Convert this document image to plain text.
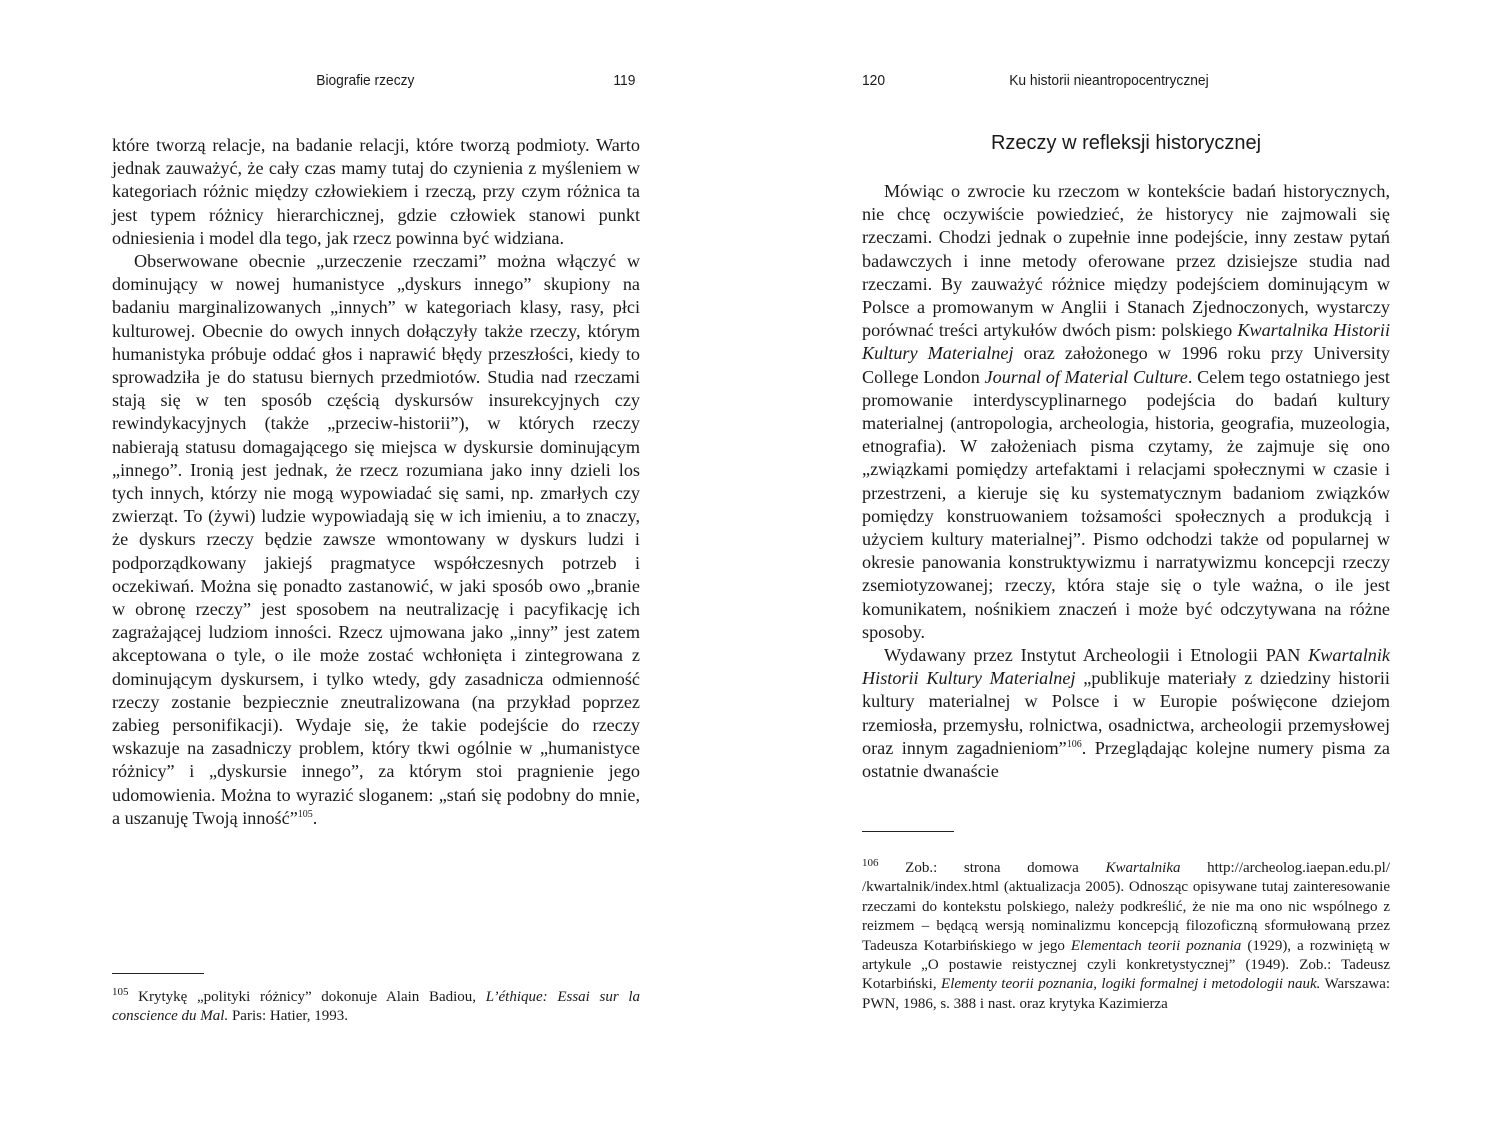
Biografie rzeczy	119

które tworzą relacje, na badanie relacji, które tworzą podmioty. Warto jednak zauważyć, że cały czas mamy tutaj do czynienia z myśleniem w kategoriach różnic między człowiekiem i rzeczą, przy czym różnica ta jest typem różnicy hierarchicznej, gdzie człowiek stanowi punkt odniesienia i model dla tego, jak rzecz powinna być widziana.

Obserwowane obecnie „urzeczenie rzeczami” można włączyć w dominujący w nowej humanistyce „dyskurs innego” skupiony na badaniu marginalizowanych „innych” w kategoriach klasy, rasy, płci kulturowej. Obecnie do owych innych dołączyły także rzeczy, którym humanistyka próbuje oddać głos i naprawić błędy przeszłości, kiedy to sprowadziła je do statusu biernych przedmiotów. Studia nad rzeczami stają się w ten sposób częścią dyskursów insurekcyjnych czy rewindykacyjnych (także „przeciw-historii”), w których rzeczy nabierają statusu domagającego się miejsca w dyskursie dominującym „innego”. Ironią jest jednak, że rzecz rozumiana jako inny dzieli los tych innych, którzy nie mogą wypowiadać się sami, np. zmarłych czy zwierząt. To (żywi) ludzie wypowiadają się w ich imieniu, a to znaczy, że dyskurs rzeczy będzie zawsze wmontowany w dyskurs ludzi i podporządkowany jakiejś pragmatyce współczesnych potrzeb i oczekiwań. Można się ponadto zastanowić, w jaki sposób owo „branie w obronę rzeczy” jest sposobem na neutralizację i pacyfikację ich zagrażającej ludziom inności. Rzecz ujmowana jako „inny” jest zatem akceptowana o tyle, o ile może zostać wchłonięta i zintegrowana z dominującym dyskursem, i tylko wtedy, gdy zasadnicza odmienność rzeczy zostanie bezpiecznie zneutralizowana (na przykład poprzez zabieg personifikacji). Wydaje się, że takie podejście do rzeczy wskazuje na zasadniczy problem, który tkwi ogólnie w „humanistyce różnicy” i „dyskursie innego”, za którym stoi pragnienie jego udomowienia. Można to wyrazić sloganem: „stań się podobny do mnie, a uszanuję Twoją inność”$^{105}$.

$^{105}$ Krytykę „polityki różnicy” dokonuje Alain Badiou, L’éthique: Essai sur la conscience du Mal. Paris: Hatier, 1993.

120	Ku historii nieantropocentrycznej
Rzeczy w refleksji historycznej

Mówiąc o zwrocie ku rzeczom w kontekście badań historycznych, nie chcę oczywiście powiedzieć, że historycy nie zajmowali się rzeczami. Chodzi jednak o zupełnie inne podejście, inny zestaw pytań badawczych i inne metody oferowane przez dzisiejsze studia nad rzeczami. By zauważyć różnice między podejściem dominującym w Polsce a promowanym w Anglii i Stanach Zjednoczonych, wystarczy porównać treści artykułów dwóch pism: polskiego Kwartalnika Historii Kultury Materialnej oraz założonego w 1996 roku przy University College London Journal of Material Culture. Celem tego ostatniego jest promowanie interdyscyplinarnego podejścia do badań kultury materialnej (antropologia, archeologia, historia, geografia, muzeologia, etnografia). W założeniach pisma czytamy, że zajmuje się ono „związkami pomiędzy artefaktami i relacjami społecznymi w czasie i przestrzeni, a kieruje się ku systematycznym badaniom związków pomiędzy konstruowaniem tożsamości społecznych a produkcją i użyciem kultury materialnej”. Pismo odchodzi także od popularnej w okresie panowania konstruktywizmu i narratywizmu koncepcji rzeczy zsemiotyzowanej; rzeczy, która staje się o tyle ważna, o ile jest komunikatem, nośnikiem znaczeń i może być odczytywana na różne sposoby.

Wydawany przez Instytut Archeologii i Etnologii PAN Kwartalnik Historii Kultury Materialnej „publikuje materiały z dziedziny historii kultury materialnej w Polsce i w Europie poświęcone dziejom rzemiosła, przemysłu, rolnictwa, osadnictwa, archeologii przemysłowej oraz innym zagadnieniom”$^{106}$. Przeglądając kolejne numery pisma za ostatnie dwanaście

$^{106}$ Zob.: strona domowa Kwartalnika http://archeolog.iaepan.edu.pl/ /kwartalnik/index.html (aktualizacja 2005). Odnosząc opisywane tutaj zainteresowanie rzeczami do kontekstu polskiego, należy podkreślić, że nie ma ono nic wspólnego z reizmem – będącą wersją nominalizmu koncepcją filozoficzną sformułowaną przez Tadeusza Kotarbińskiego w jego Elementach teorii poznania (1929), a rozwiniętą w artykule „O postawie reistycznej czyli konkretystycznej” (1949). Zob.: Tadeusz Kotarbiński, Elementy teorii poznania, logiki formalnej i metodologii nauk. Warszawa: PWN, 1986, s. 388 i nast. oraz krytyka Kazimierza
